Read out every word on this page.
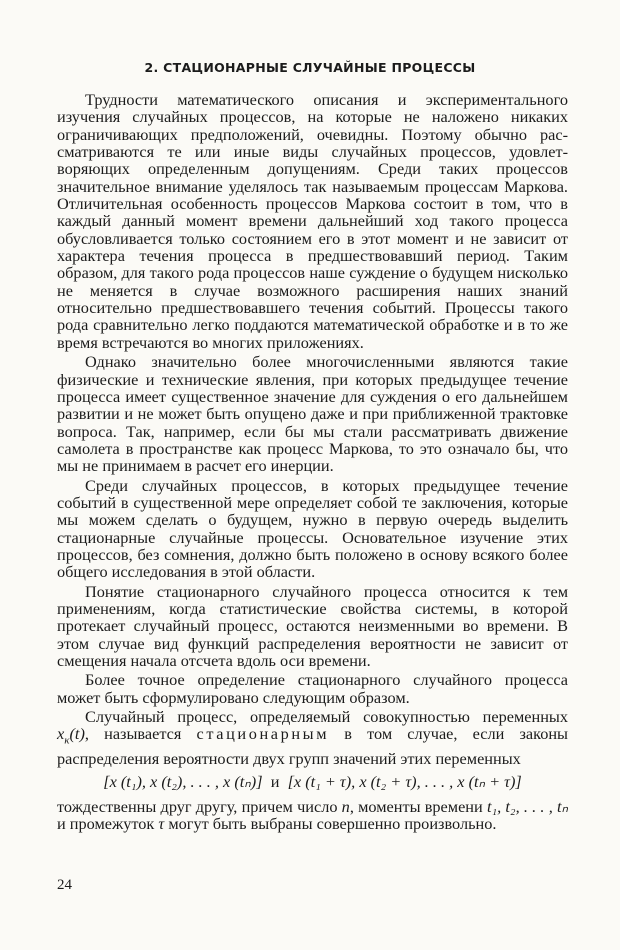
2. СТАЦИОНАРНЫЕ СЛУЧАЙНЫЕ ПРОЦЕССЫ

Трудности математического описания и экспериментального изучения случайных процессов, на которые не наложено никаких ограничивающих предположений, очевидны. Поэтому обычно рассматриваются те или иные виды случайных процессов, удовлетворяющих определенным допущениям. Среди таких процессов значительное внимание уделялось так называемым процессам Маркова. Отличительная особенность процессов Маркова состоит в том, что в каждый данный момент времени дальнейший ход такого процесса обусловливается только состоянием его в этот момент и не зависит от характера течения процесса в предшествовавший период. Таким образом, для такого рода процессов наше суждение о будущем нисколько не меняется в случае возможного расширения наших знаний относительно предшествовавшего течения событий. Процессы такого рода сравнительно легко поддаются математической обработке и в то же время встречаются во многих приложениях.

Однако значительно более многочисленными являются такие физические и технические явления, при которых предыдущее течение процесса имеет существенное значение для суждения о его дальнейшем развитии и не может быть опущено даже и при приближенной трактовке вопроса. Так, например, если бы мы стали рассматривать движение самолета в пространстве как процесс Маркова, то это означало бы, что мы не принимаем в расчет его инерции.

Среди случайных процессов, в которых предыдущее течение событий в существенной мере определяет собой те заключения, которые мы можем сделать о будущем, нужно в первую очередь выделить стационарные случайные процессы. Основательное изучение этих процессов, без сомнения, должно быть положено в основу всякого более общего исследования в этой области.

Понятие стационарного случайного процесса относится к тем применениям, когда статистические свойства системы, в которой протекает случайный процесс, остаются неизменными во времени. В этом случае вид функций распределения вероятности не зависит от смещения начала отсчета вдоль оси времени.

Более точное определение стационарного случайного процесса может быть сформулировано следующим образом.

Случайный процесс, определяемый совокупностью переменных $x_\kappa(t)$, называется стационарным в том случае, если законы распределения вероятности двух групп значений этих переменных

[x (t₁), x (t₂), . . . , x (tₙ)] и [x (t₁ + τ), x (t₂ + τ), . . . , x (tₙ + τ)]

тождественны друг другу, причем число n, моменты времени t₁, t₂, . . . , tₙ и промежуток τ могут быть выбраны совершенно произвольно.

24
